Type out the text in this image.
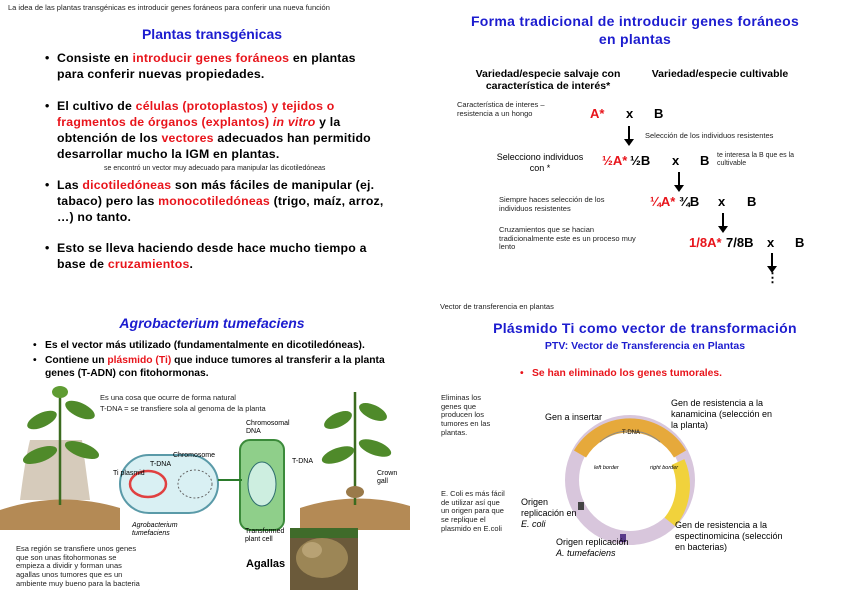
La idea de las plantas transgénicas es introducir genes foráneos para conferir una nueva función
Plantas transgénicas
• Consiste en introducir genes foráneos en plantas para conferir nuevas propiedades.
• El cultivo de células (protoplastos) y tejidos o fragmentos de órganos (explantos) in vitro y la obtención de los vectores adecuados han permitido desarrollar mucho la IGM en plantas.
se encontró un vector muy adecuado para manipular las dicotiledóneas
• Las dicotiledóneas son más fáciles de manipular (ej. tabaco) pero las monocotiledóneas (trigo, maíz, arroz, …) no tanto.
• Esto se lleva haciendo desde hace mucho tiempo a base de cruzamientos.
Forma tradicional de introducir genes foráneos en plantas
Variedad/especie salvaje con característica de interés*
Variedad/especie cultivable
Característica de interes – resistencia a un hongo	A* x B
Selección de los individuos resistentes
Selecciono individuos con *	½A* ½B x B te interesa la B que es la cultivable
Siempre haces selección de los individuos resistentes	¼A* ¾B x B
Cruzamientos que se hacian tradicionalmente este es un proceso muy lento	1/8A* 7/8B x B
⋮
Agrobacterium tumefaciens
• Es el vector más utilizado (fundamentalmente en dicotiledóneas).
• Contiene un plásmido (Ti) que induce tumores al transferir a la planta genes (T-ADN) con fitohormonas.
Es una cosa que ocurre de forma natural
T-DNA = se transfiere sola al genoma de la planta
Chromosome
T-DNA
Ti plasmid
Agrobacterium tumefaciens
Chromosomal DNA
T-DNA
Transformed plant cell
Crown gall
Esa región se transfiere unos genes que son unas fitohormonas se empieza a dividir y forman unas agallas unos tumores que es un ambiente muy bueno para la bacteria
Agallas
Vector de transferencia en plantas
Plásmido Ti como vector de transformación
PTV: Vector de Transferencia en Plantas
• Se han eliminado los genes tumorales.
Eliminas los genes que producen los tumores en las plantas.
E. Coli es más fácil de utilizar así que un origen para que se replique el plasmido en E.coli
T-DNA
left border	right border
Gen a insertar
Gen de resistencia a la kanamicina (selección en la planta)
Origen replicación en E. coli
Origen replicación A. tumefaciens
Gen de resistencia a la espectinomicina (selección en bacterias)
